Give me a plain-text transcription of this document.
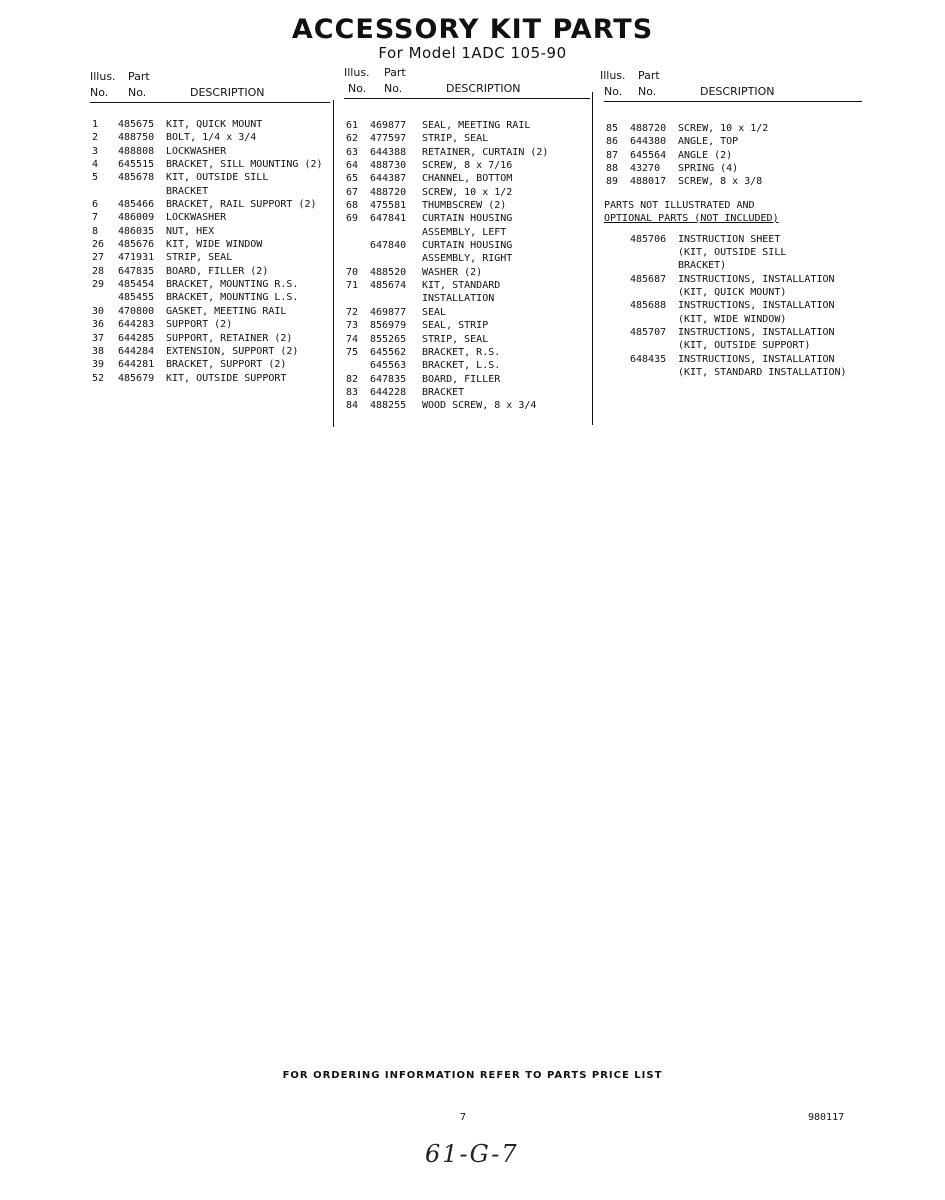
ACCESSORY KIT PARTS
For Model 1ADC 105-90
Illus. Part
No. No.	DESCRIPTION
1 485675 KIT, QUICK MOUNT
2 488750 BOLT, 1/4 x 3/4
3 488808 LOCKWASHER
4 645515 BRACKET, SILL MOUNTING (2)
5 485678 KIT, OUTSIDE SILL
BRACKET
6 485466 BRACKET, RAIL SUPPORT (2)
7 486009 LOCKWASHER
8 486035 NUT, HEX
26 485676 KIT, WIDE WINDOW
27 471931 STRIP, SEAL
28 647835 BOARD, FILLER (2)
29 485454 BRACKET, MOUNTING R.S.
485455 BRACKET, MOUNTING L.S.
30 470800 GASKET, MEETING RAIL
36 644283 SUPPORT (2)
37 644285 SUPPORT, RETAINER (2)
38 644284 EXTENSION, SUPPORT (2)
39 644281 BRACKET, SUPPORT (2)
52 485679 KIT, OUTSIDE SUPPORT
Illus. Part
No. No.	DESCRIPTION
61 469877 SEAL, MEETING RAIL
62 477597 STRIP, SEAL
63 644388 RETAINER, CURTAIN (2)
64 488730 SCREW, 8 x 7/16
65 644387 CHANNEL, BOTTOM
67 488720 SCREW, 10 x 1/2
68 475581 THUMBSCREW (2)
69 647841 CURTAIN HOUSING
ASSEMBLY, LEFT
647840 CURTAIN HOUSING
ASSEMBLY, RIGHT
70 488520 WASHER (2)
71 485674 KIT, STANDARD
INSTALLATION
72 469877 SEAL
73 856979 SEAL, STRIP
74 855265 STRIP, SEAL
75 645562 BRACKET, R.S.
645563 BRACKET, L.S.
82 647835 BOARD, FILLER
83 644228 BRACKET
84 488255 WOOD SCREW, 8 x 3/4
Illus. Part
No. No.	DESCRIPTION
85 488720 SCREW, 10 x 1/2
86 644380 ANGLE, TOP
87 645564 ANGLE (2)
88 43270 SPRING (4)
89 488017 SCREW, 8 x 3/8
PARTS NOT ILLUSTRATED AND
OPTIONAL PARTS (NOT INCLUDED)
485706 INSTRUCTION SHEET
(KIT, OUTSIDE SILL
BRACKET)
485687 INSTRUCTIONS, INSTALLATION
(KIT, QUICK MOUNT)
485688 INSTRUCTIONS, INSTALLATION
(KIT, WIDE WINDOW)
485707 INSTRUCTIONS, INSTALLATION
(KIT, OUTSIDE SUPPORT)
648435 INSTRUCTIONS, INSTALLATION
(KIT, STANDARD INSTALLATION)
FOR ORDERING INFORMATION REFER TO PARTS PRICE LIST
7	980117
61-G-7
